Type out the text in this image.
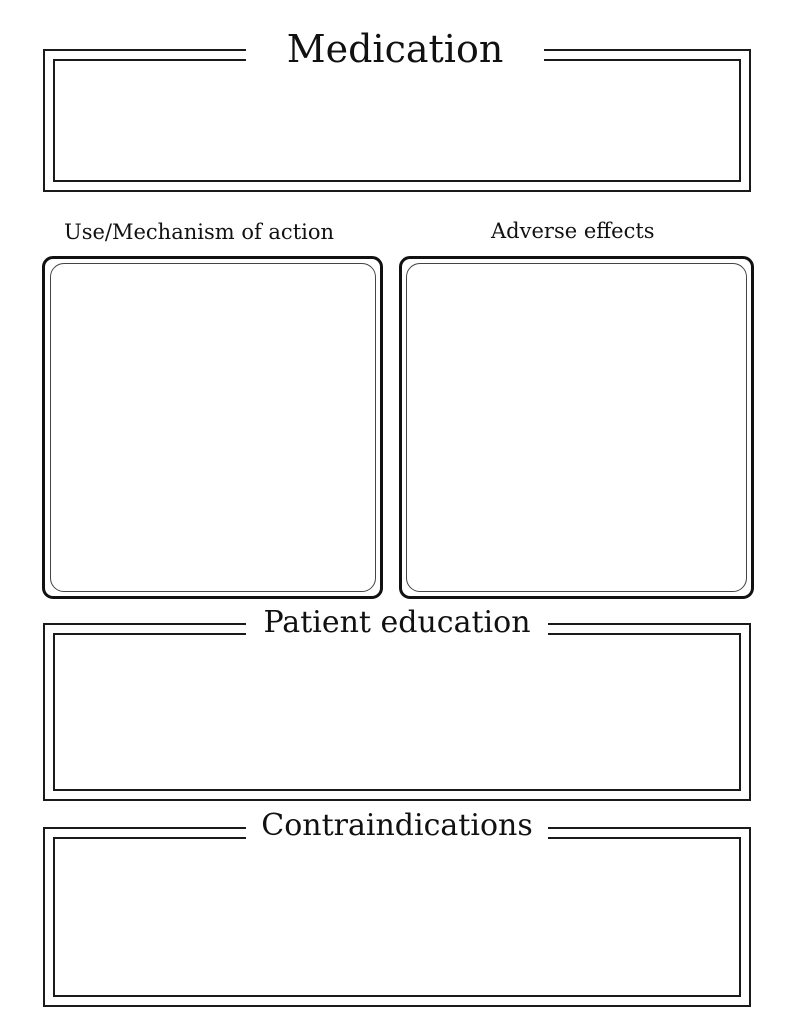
Medication
Use/Mechanism of action	Adverse effects
Patient education
Contraindications
